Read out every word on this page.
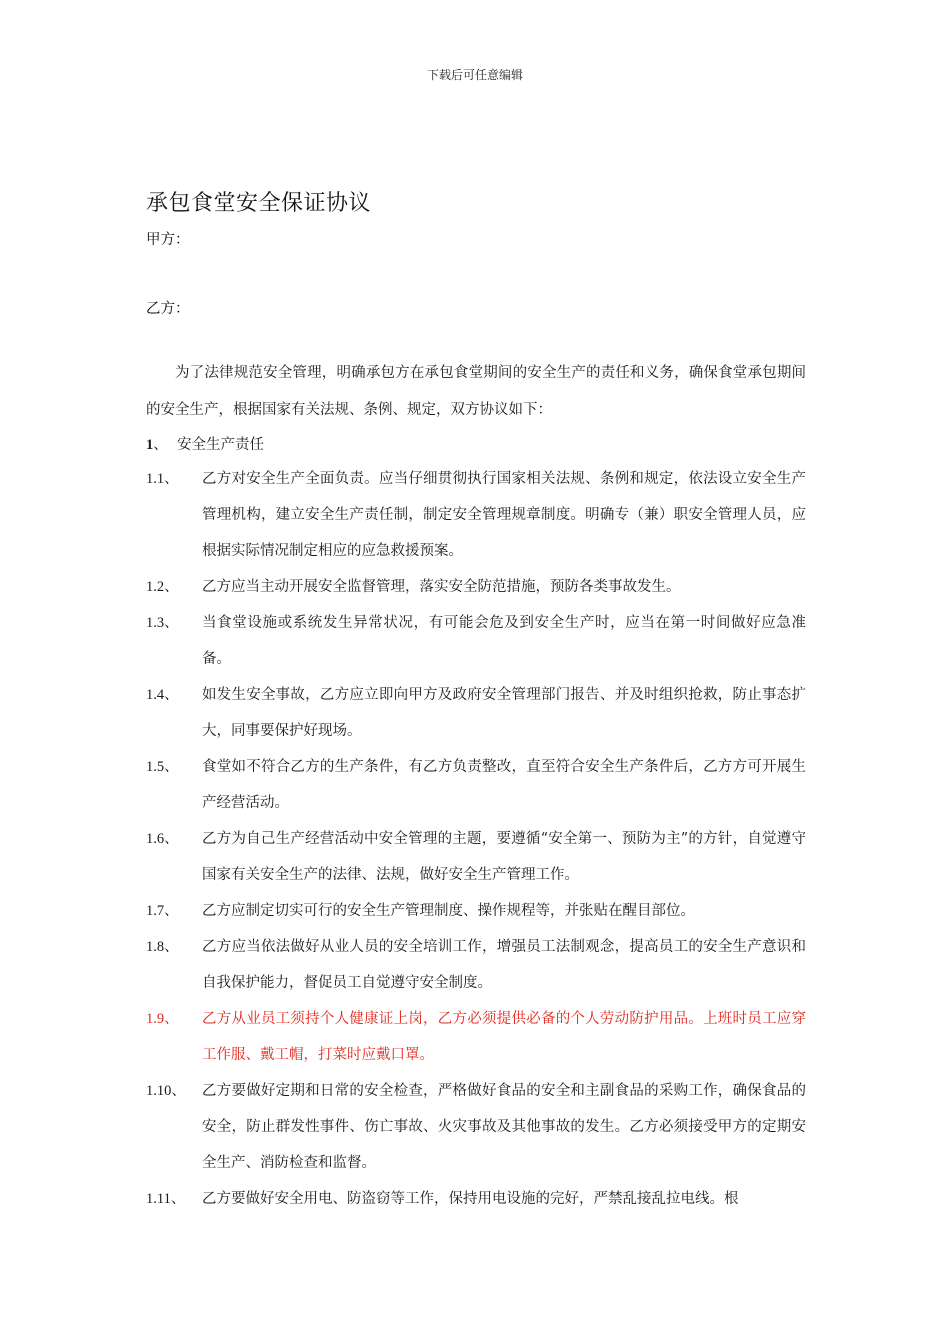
下载后可任意编辑
承包食堂安全保证协议
甲方：
乙方：
为了法律规范安全管理，明确承包方在承包食堂期间的安全生产的责任和义务，确保食堂承包期间的安全生产，根据国家有关法规、条例、规定，双方协议如下：
1、 安全生产责任
1.1、	乙方对安全生产全面负责。应当仔细贯彻执行国家相关法规、条例和规定，依法设立安全生产管理机构，建立安全生产责任制，制定安全管理规章制度。明确专（兼）职安全管理人员，应根据实际情况制定相应的应急救援预案。
1.2、	乙方应当主动开展安全监督管理，落实安全防范措施，预防各类事故发生。
1.3、	当食堂设施或系统发生异常状况，有可能会危及到安全生产时，应当在第一时间做好应急准备。
1.4、	如发生安全事故，乙方应立即向甲方及政府安全管理部门报告、并及时组织抢救，防止事态扩大，同事要保护好现场。
1.5、	食堂如不符合乙方的生产条件，有乙方负责整改，直至符合安全生产条件后，乙方方可开展生产经营活动。
1.6、	乙方为自己生产经营活动中安全管理的主题，要遵循“安全第一、预防为主”的方针，自觉遵守国家有关安全生产的法律、法规，做好安全生产管理工作。
1.7、	乙方应制定切实可行的安全生产管理制度、操作规程等，并张贴在醒目部位。
1.8、	乙方应当依法做好从业人员的安全培训工作，增强员工法制观念，提高员工的安全生产意识和自我保护能力，督促员工自觉遵守安全制度。
1.9、	乙方从业员工须持个人健康证上岗，乙方必须提供必备的个人劳动防护用品。上班时员工应穿工作服、戴工帽，打菜时应戴口罩。
1.10、	乙方要做好定期和日常的安全检查，严格做好食品的安全和主副食品的采购工作，确保食品的安全，防止群发性事件、伤亡事故、火灾事故及其他事故的发生。乙方必须接受甲方的定期安全生产、消防检查和监督。
1.11、	乙方要做好安全用电、防盗窃等工作，保持用电设施的完好，严禁乱接乱拉电线。根
